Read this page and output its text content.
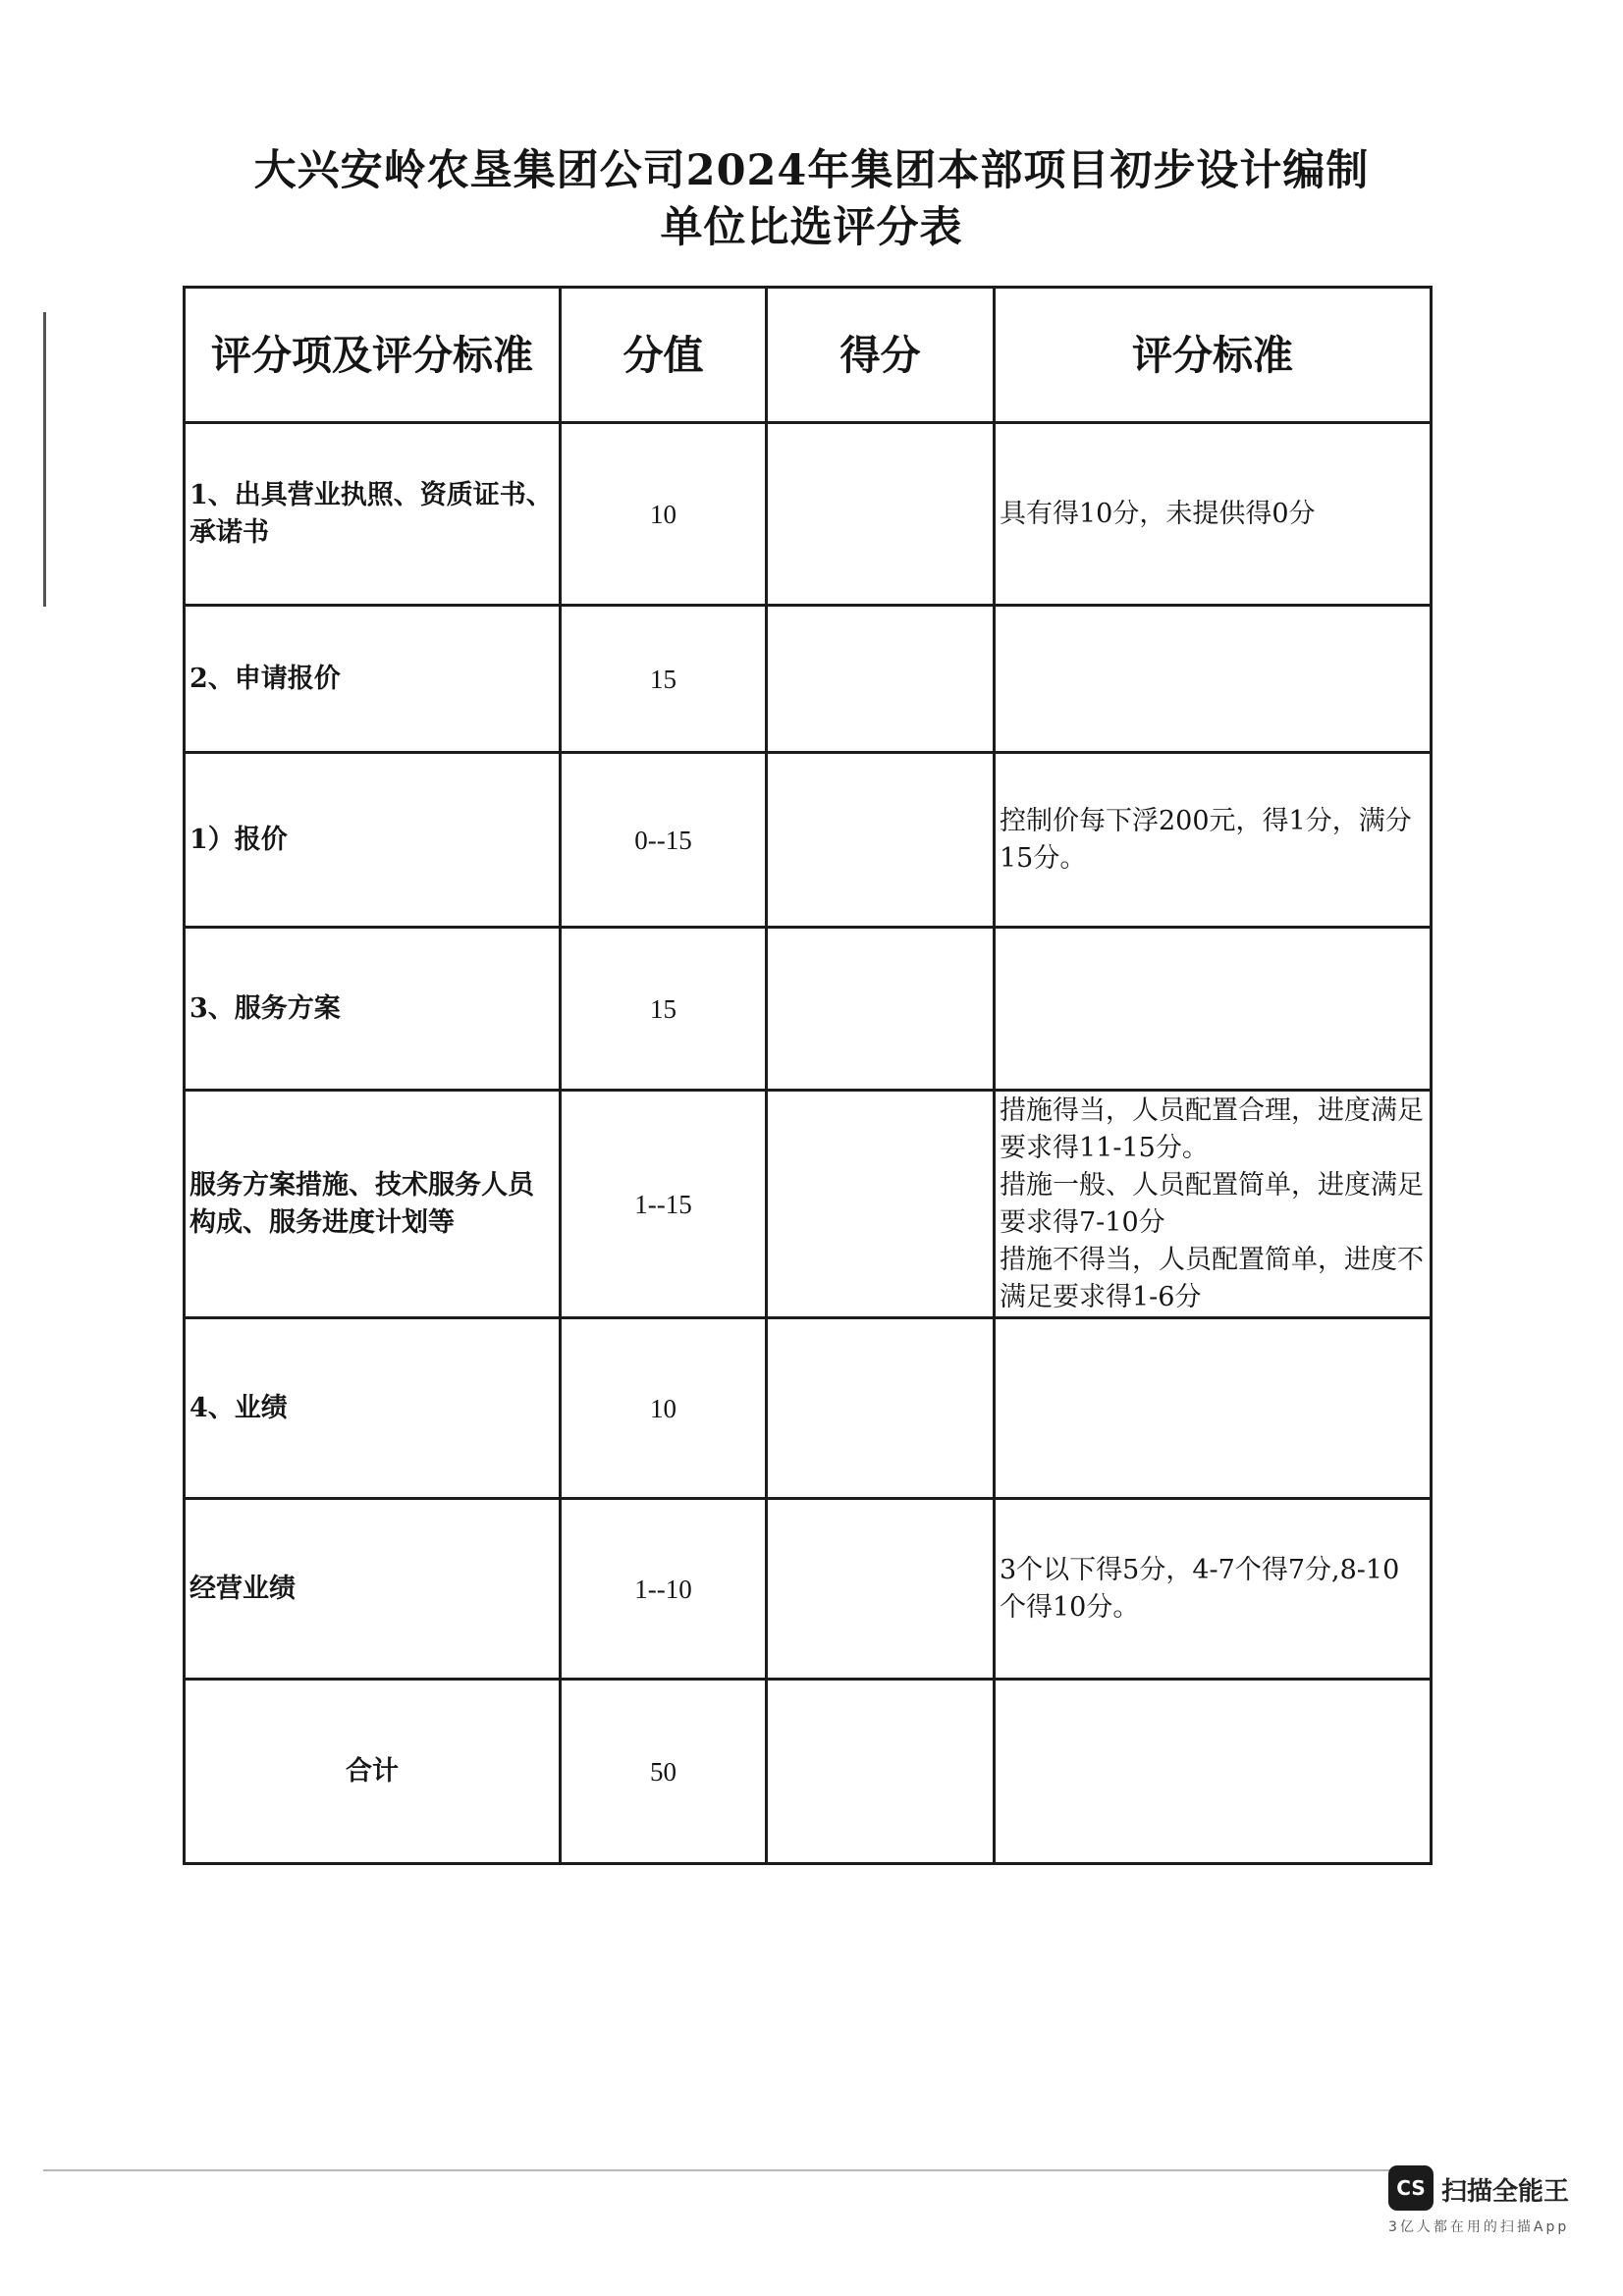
大兴安岭农垦集团公司2024年集团本部项目初步设计编制
单位比选评分表
评分项及评分标准	分值	得分	评分标准
1、出具营业执照、资质证书、承诺书	10		具有得10分，未提供得0分

2、申请报价	15		
1）报价	0--15		控制价每下浮200元，得1分，满分15分。

3、服务方案	15		
服务方案措施、技术服务人员构成、服务进度计划等	1--15		措施得当，人员配置合理，进度满足要求得11-15分。
措施一般、人员配置简单，进度满足要求得7-10分
措施不得当，人员配置简单，进度不满足要求得1-6分

4、业绩	10		
经营业绩	1--10		3个以下得5分，4-7个得7分,8-10个得10分。

合计	50		
CS 扫描全能王
3亿人都在用的扫描App
